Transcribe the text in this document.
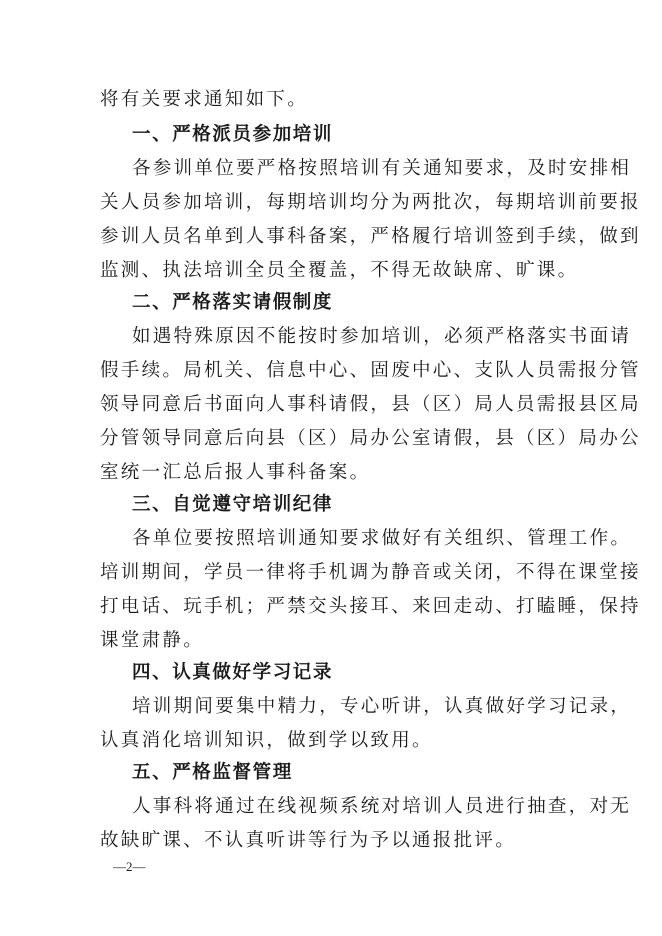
将有关要求通知如下。
一、严格派员参加培训
各参训单位要严格按照培训有关通知要求，及时安排相
关人员参加培训，每期培训均分为两批次，每期培训前要报
参训人员名单到人事科备案，严格履行培训签到手续，做到
监测、执法培训全员全覆盖，不得无故缺席、旷课。
二、严格落实请假制度
如遇特殊原因不能按时参加培训，必须严格落实书面请
假手续。局机关、信息中心、固废中心、支队人员需报分管
领导同意后书面向人事科请假，县（区）局人员需报县区局
分管领导同意后向县（区）局办公室请假，县（区）局办公
室统一汇总后报人事科备案。
三、自觉遵守培训纪律
各单位要按照培训通知要求做好有关组织、管理工作。
培训期间，学员一律将手机调为静音或关闭，不得在课堂接
打电话、玩手机；严禁交头接耳、来回走动、打瞌睡，保持
课堂肃静。
四、认真做好学习记录
培训期间要集中精力，专心听讲，认真做好学习记录，
认真消化培训知识，做到学以致用。
五、严格监督管理
人事科将通过在线视频系统对培训人员进行抽查，对无
故缺旷课、不认真听讲等行为予以通报批评。
—2—
